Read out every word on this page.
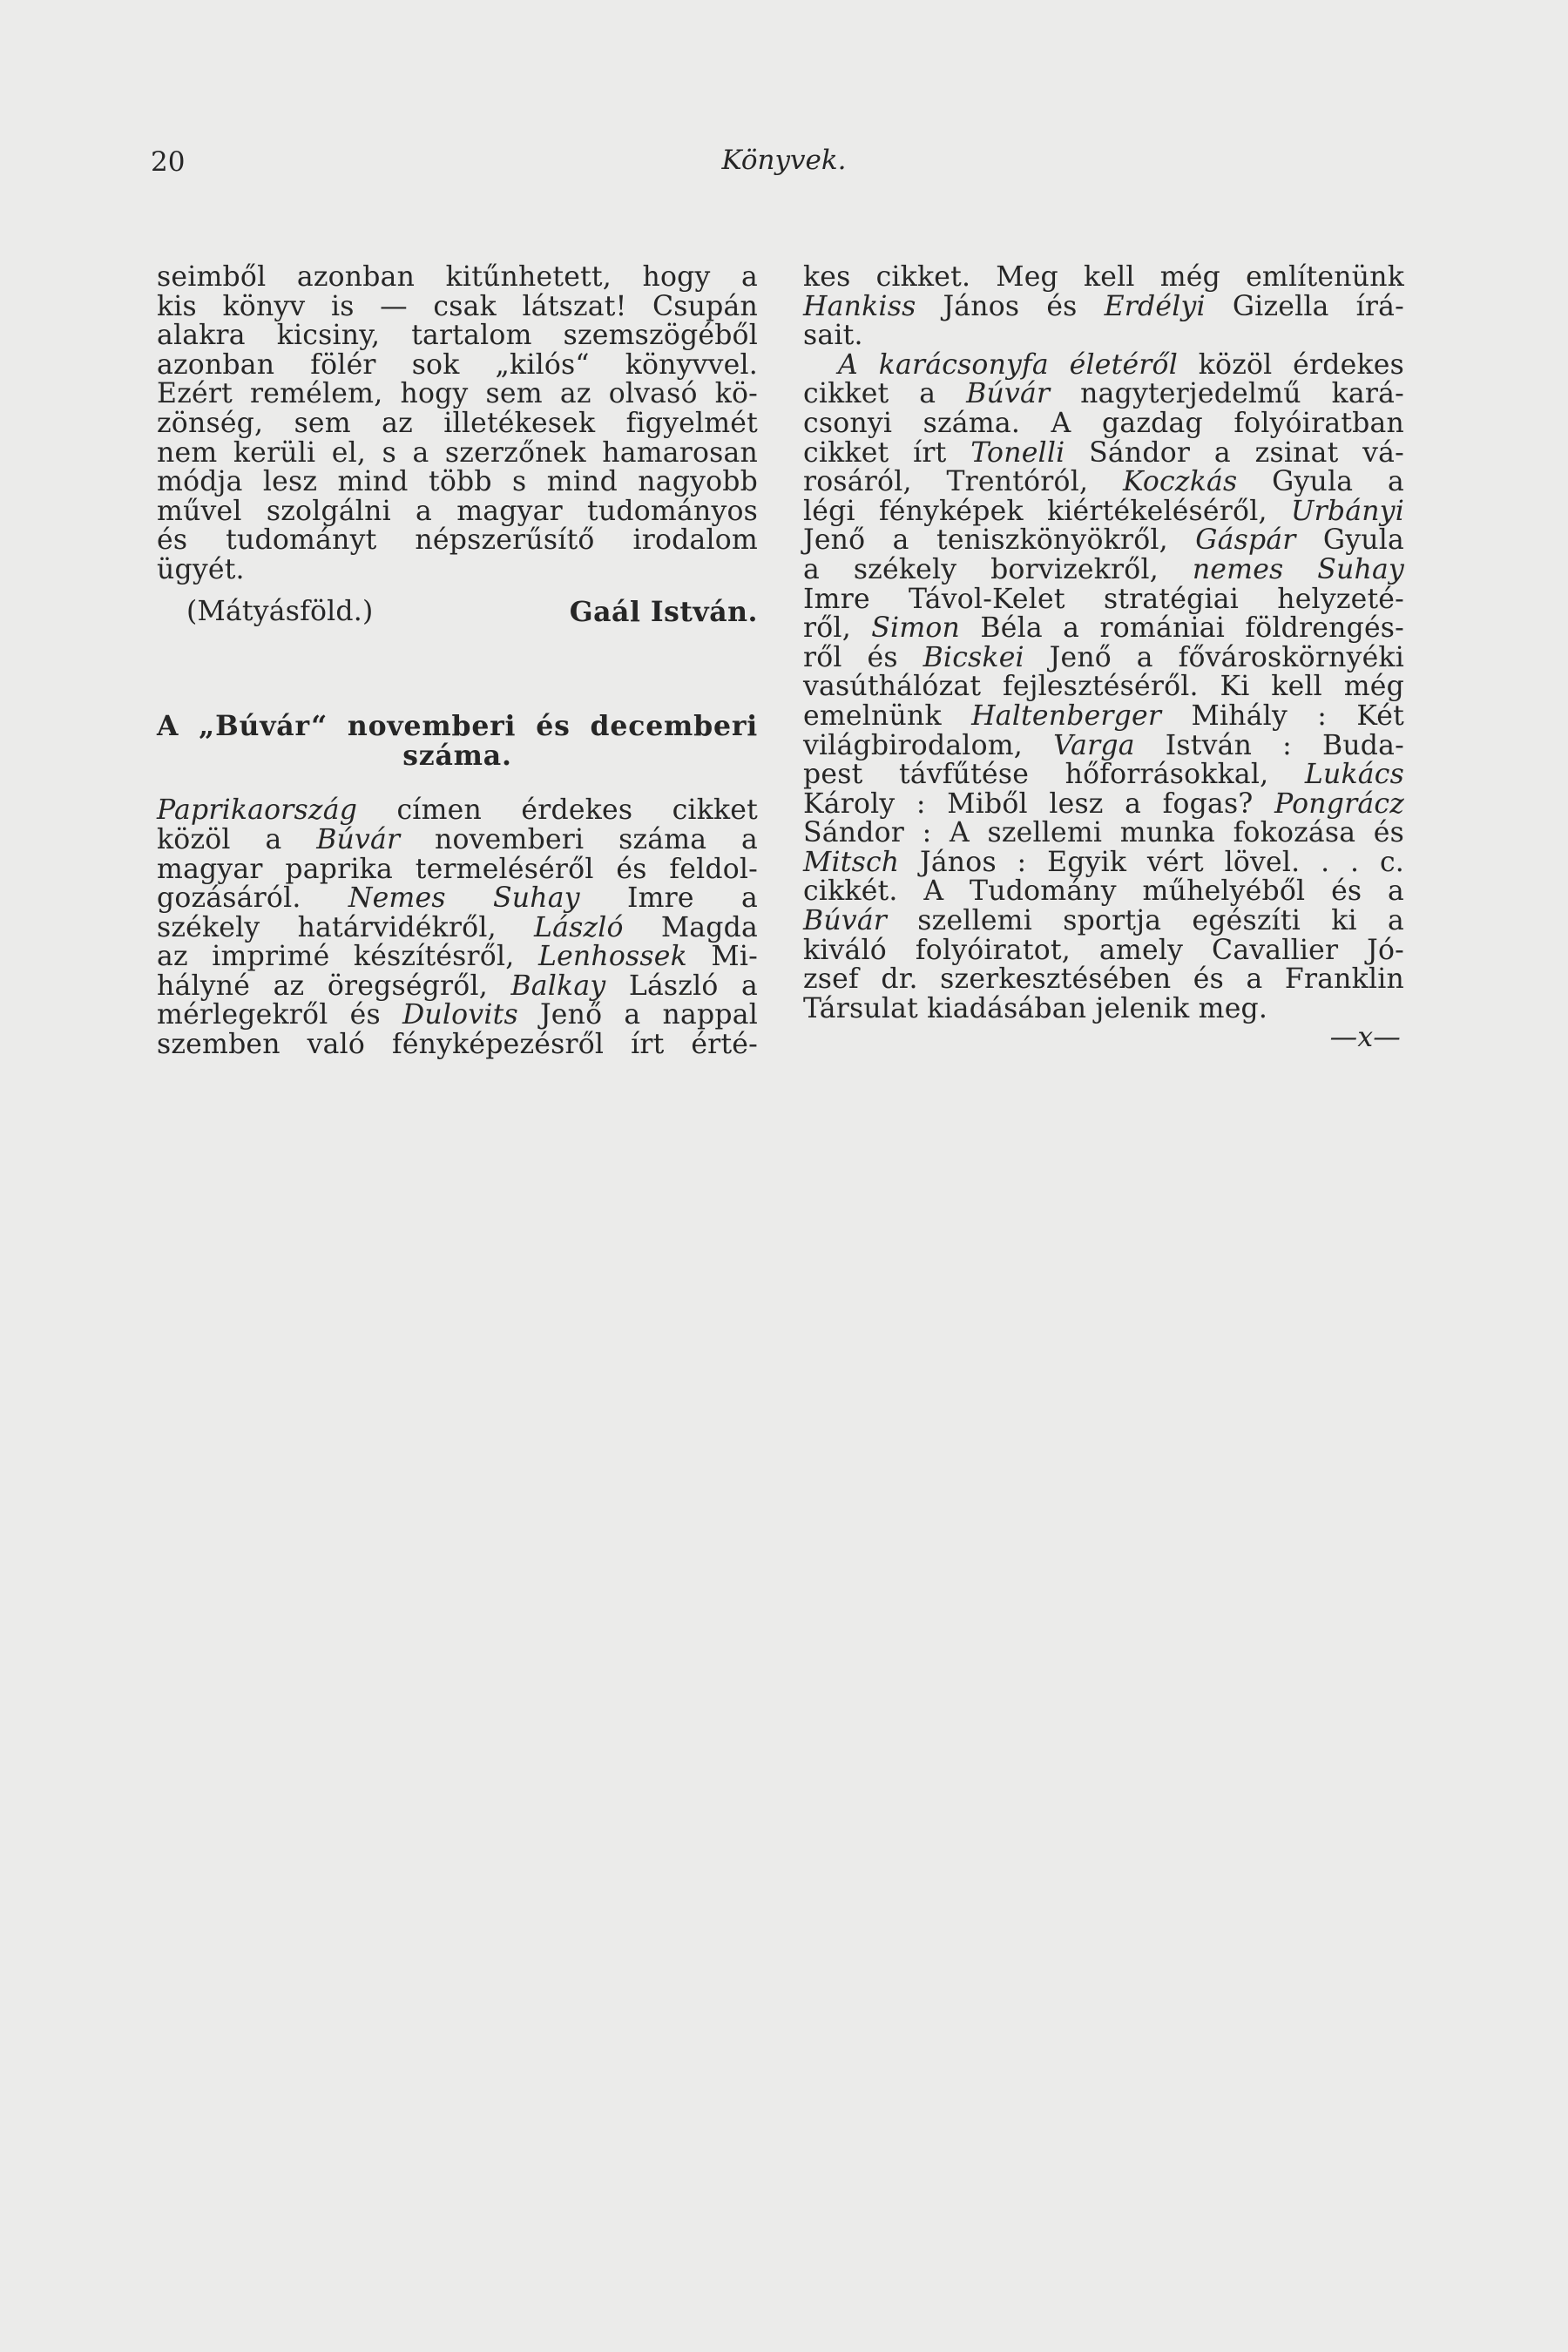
20	Könyvek.
seimből azonban kitűnhetett, hogy a
kis könyv is — csak látszat! Csupán
alakra kicsiny, tartalom szemszögéből
azonban fölér sok „kilós“ könyvvel.
Ezért remélem, hogy sem az olvasó kö-
zönség, sem az illetékesek figyelmét
nem kerüli el, s a szerzőnek hamarosan
módja lesz mind több s mind nagyobb
művel szolgálni a magyar tudományos
és tudományt népszerűsítő irodalom
ügyét.
(Mátyásföld.)	Gaál István.
A „Búvár“ novemberi és decemberi
száma.
Paprikaország címen érdekes cikket
közöl a Búvár novemberi száma a
magyar paprika termeléséről és feldol-
gozásáról. Nemes Suhay Imre a
székely határvidékről, László Magda
az imprimé készítésről, Lenhossek Mi-
hályné az öregségről, Balkay László a
mérlegekről és Dulovits Jenő a nappal
szemben való fényképezésről írt érté-
kes cikket. Meg kell még említenünk
Hankiss János és Erdélyi Gizella írá-
sait.
A karácsonyfa életéről közöl érdekes
cikket a Búvár nagyterjedelmű kará-
csonyi száma. A gazdag folyóiratban
cikket írt Tonelli Sándor a zsinat vá-
rosáról, Trentóról, Koczkás Gyula a
légi fényképek kiértékeléséről, Urbányi
Jenő a teniszkönyökről, Gáspár Gyula
a székely borvizekről, nemes Suhay
Imre Távol-Kelet stratégiai helyzeté-
ről, Simon Béla a romániai földrengés-
ről és Bicskei Jenő a fővároskörnyéki
vasúthálózat fejlesztéséről. Ki kell még
emelnünk Haltenberger Mihály : Két
világbirodalom, Varga István : Buda-
pest távfűtése hőforrásokkal, Lukács
Károly : Miből lesz a fogas? Pongrácz
Sándor : A szellemi munka fokozása és
Mitsch János : Egyik vért lövel. . . c.
cikkét. A Tudomány műhelyéből és a
Búvár szellemi sportja egészíti ki a
kiváló folyóiratot, amely Cavallier Jó-
zsef dr. szerkesztésében és a Franklin
Társulat kiadásában jelenik meg.
—x—
